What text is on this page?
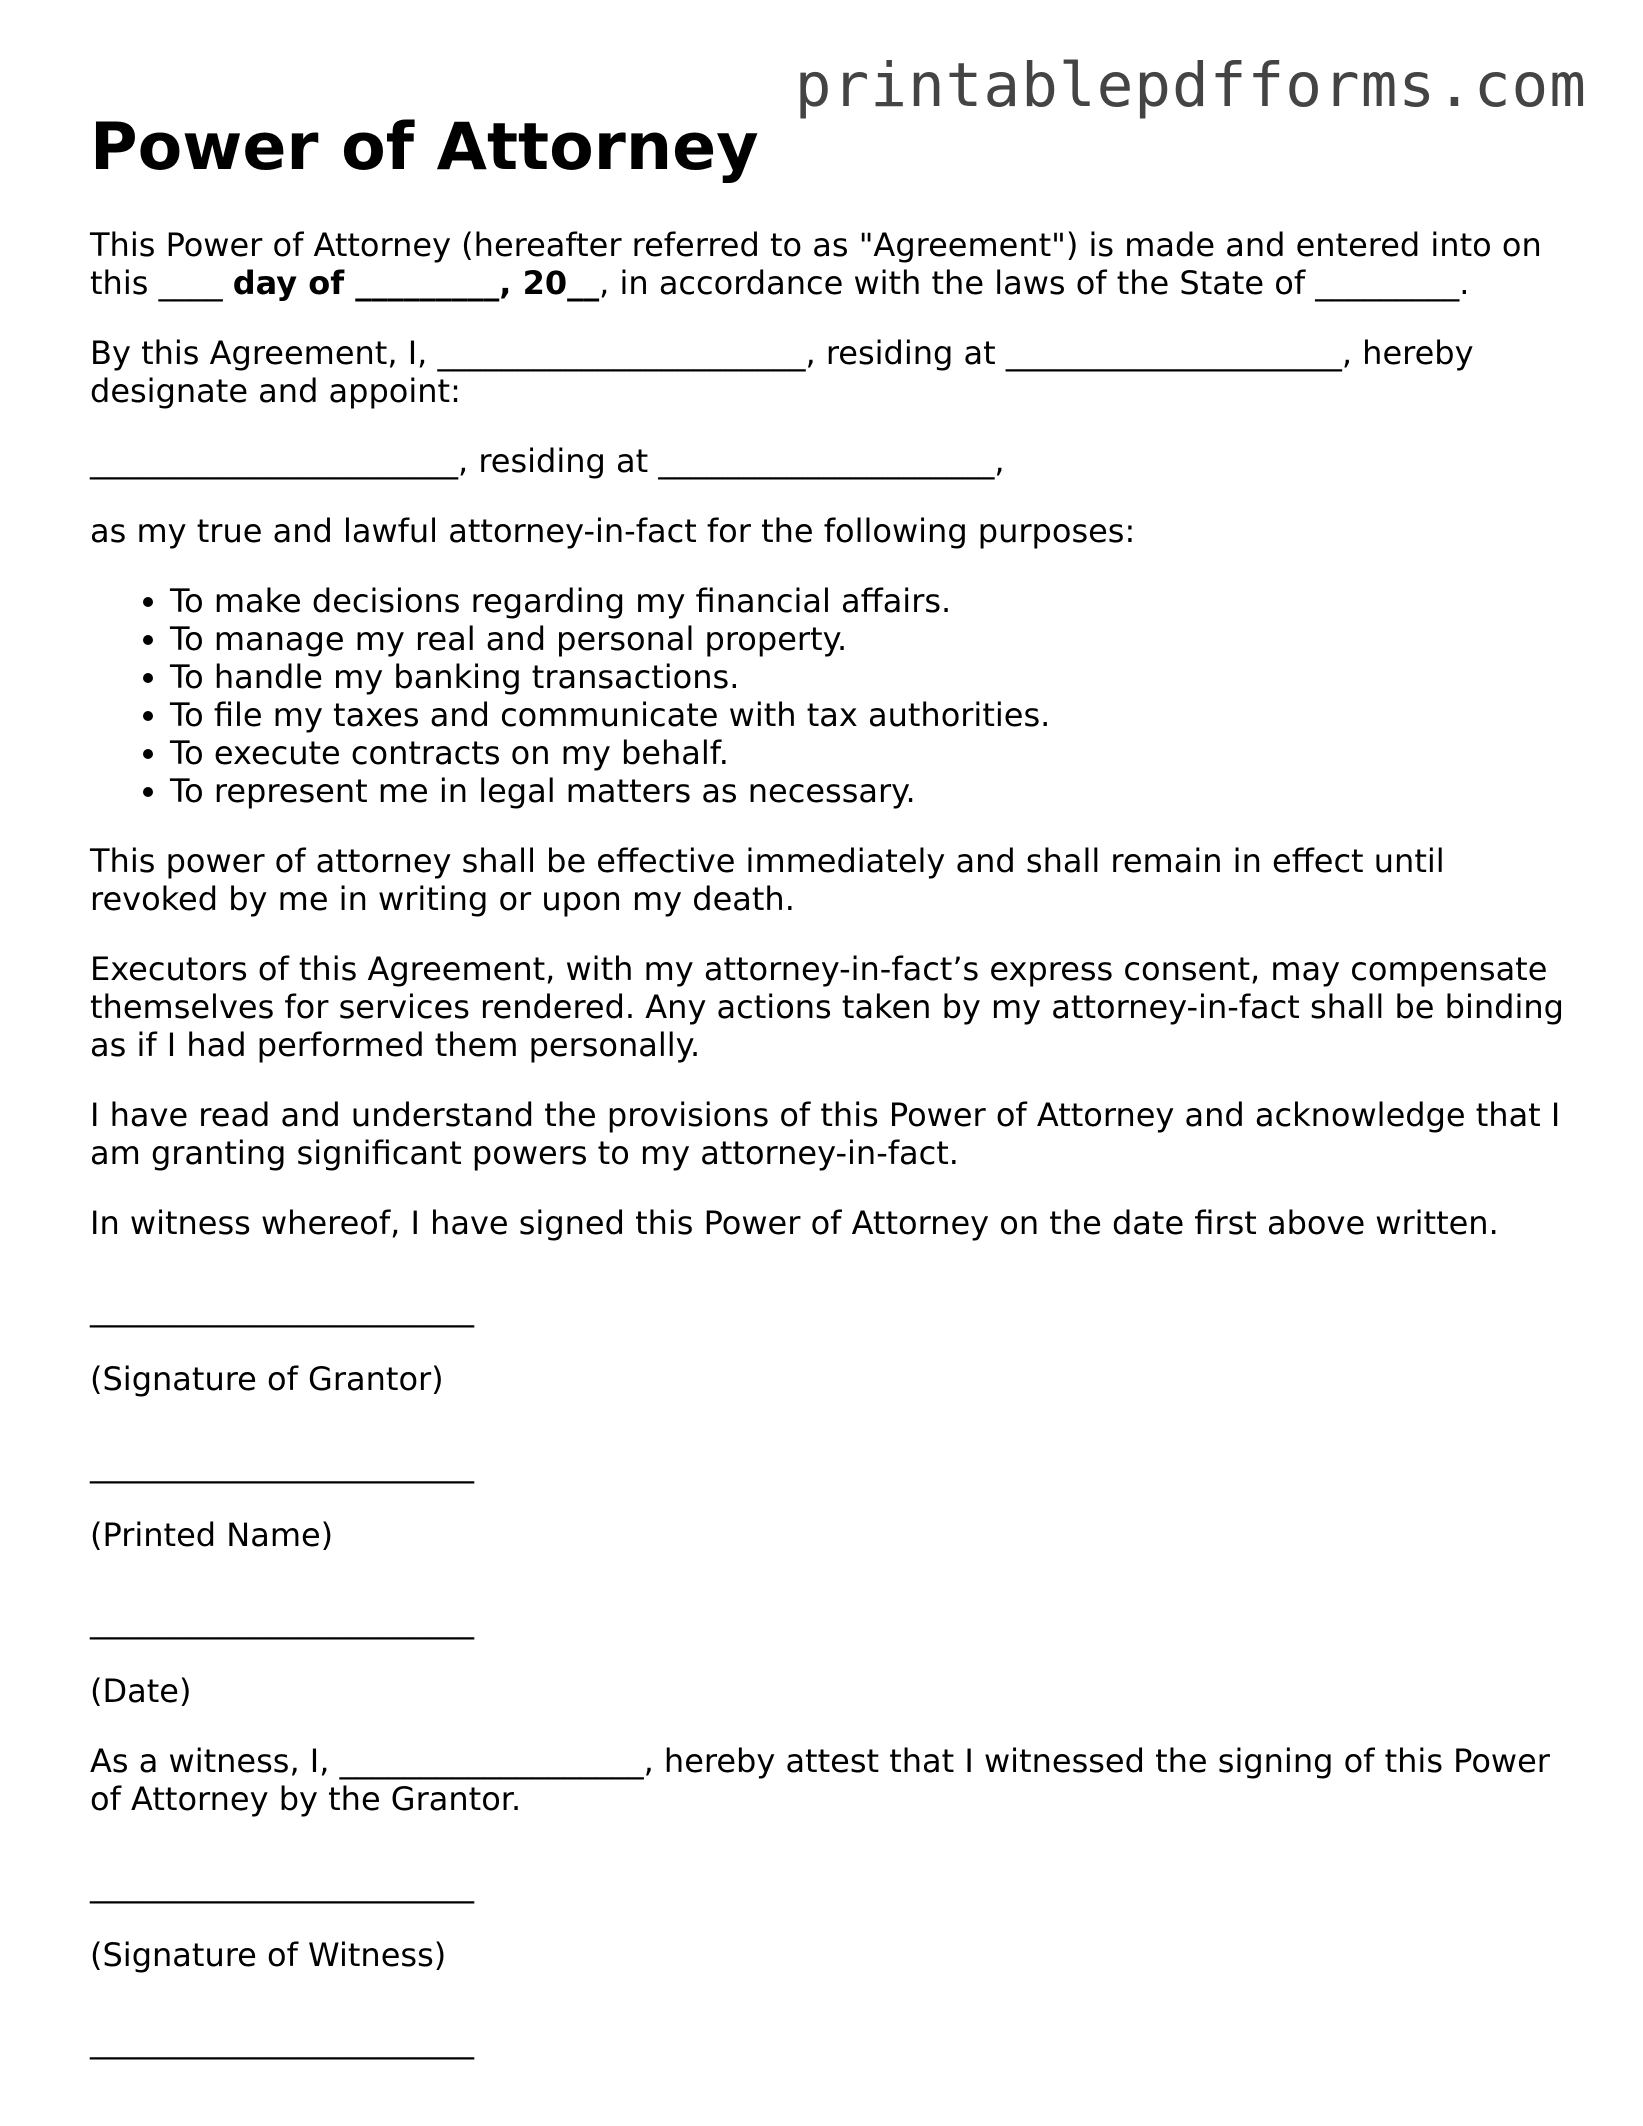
printablepdfforms.com
Power of Attorney

This Power of Attorney (hereafter referred to as "Agreement") is made and entered into on this ____ day of _________, 20__, in accordance with the laws of the State of _________.

By this Agreement, I, _______________________, residing at _____________________, hereby designate and appoint:

_______________________, residing at _____________________,

as my true and lawful attorney-in-fact for the following purposes:

• To make decisions regarding my financial affairs.
• To manage my real and personal property.
• To handle my banking transactions.
• To file my taxes and communicate with tax authorities.
• To execute contracts on my behalf.
• To represent me in legal matters as necessary.

This power of attorney shall be effective immediately and shall remain in effect until revoked by me in writing or upon my death.

Executors of this Agreement, with my attorney-in-fact’s express consent, may compensate themselves for services rendered. Any actions taken by my attorney-in-fact shall be binding as if I had performed them personally.

I have read and understand the provisions of this Power of Attorney and acknowledge that I am granting significant powers to my attorney-in-fact.

In witness whereof, I have signed this Power of Attorney on the date first above written.

________________________

(Signature of Grantor)

________________________

(Printed Name)

________________________

(Date)

As a witness, I, ___________________, hereby attest that I witnessed the signing of this Power of Attorney by the Grantor.

________________________

(Signature of Witness)

________________________
